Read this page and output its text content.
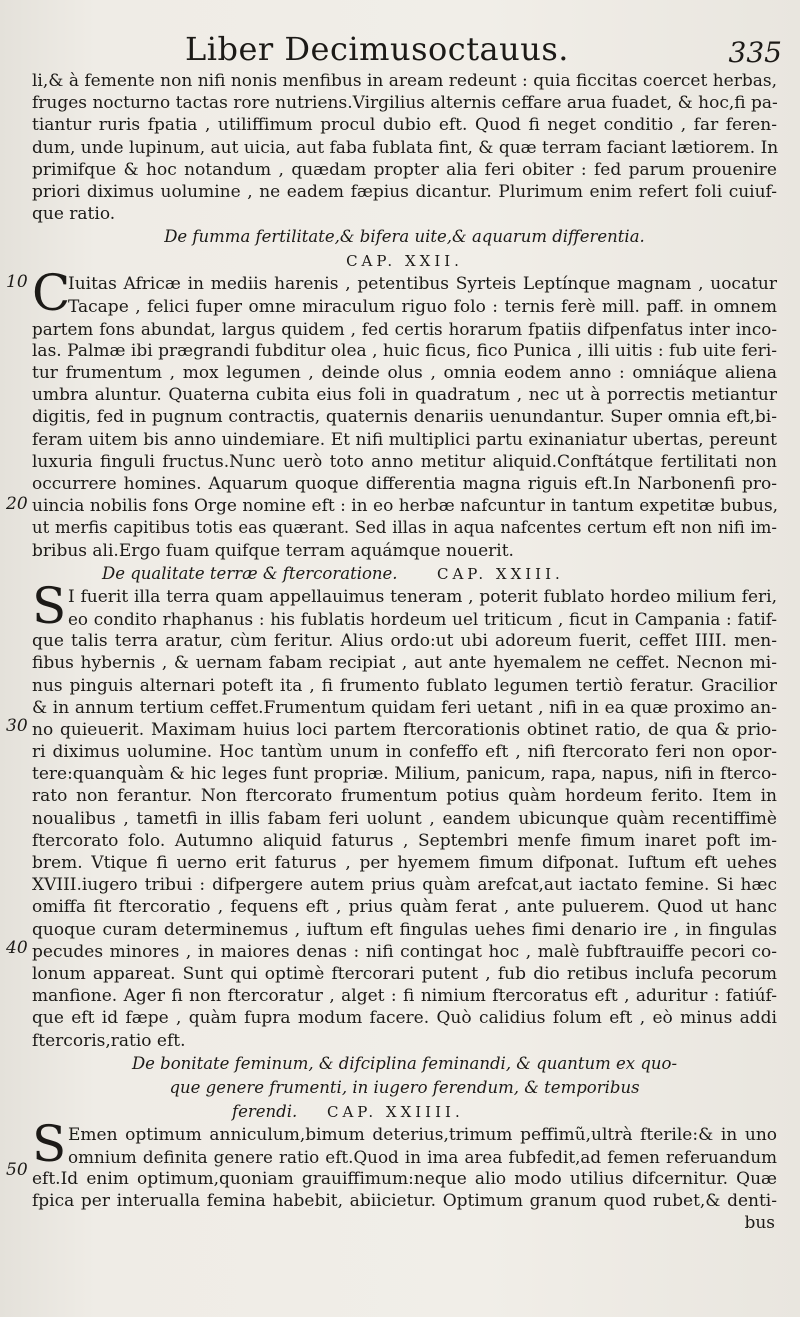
Liber Decimusoctauus.	335
10
20
30
40
50
li,& à femente non nifi nonis menfibus in aream redeunt : quia ficcitas coercet herbas,
fruges nocturno tactas rore nutriens.Virgilius alternis ceffare arua fuadet, & hoc,fi pa-
tiantur ruris fpatia , utiliffimum procul dubio eft. Quod fi neget conditio , far feren-
dum, unde lupinum, aut uicia, aut faba fublata fint, & quæ terram faciant lætiorem. In
primifque & hoc notandum , quædam propter alia feri obiter : fed parum prouenire
priori diximus uolumine , ne eadem fæpius dicantur. Plurimum enim refert foli cuiuf-
que ratio.
De fumma fertilitate,& bifera uite,& aquarum differentia.
CAP. XXII.
C
Iuitas Africæ in mediis harenis , petentibus Syrteis Leptínque magnam , uocatur
Tacape , felici fuper omne miraculum riguo folo : ternis ferè mill. paff. in omnem
partem fons abundat, largus quidem , fed certis horarum fpatiis difpenfatus inter inco-
las. Palmæ ibi prægrandi fubditur olea , huic ficus, fico Punica , illi uitis : fub uite feri-
tur frumentum , mox legumen , deinde olus , omnia eodem anno : omniáque aliena
umbra aluntur. Quaterna cubita eius foli in quadratum , nec ut à porrectis metiantur
digitis, fed in pugnum contractis, quaternis denariis uenundantur. Super omnia eft,bi-
feram uitem bis anno uindemiare. Et nifi multiplici partu exinaniatur ubertas, pereunt
luxuria finguli fructus.Nunc uerò toto anno metitur aliquid.Conftátque fertilitati non
occurrere homines. Aquarum quoque differentia magna riguis eft.In Narbonenfi pro-
uincia nobilis fons Orge nomine eft : in eo herbæ nafcuntur in tantum expetitæ bubus,
ut merfis capitibus totis eas quærant. Sed illas in aqua nafcentes certum eft non nifi im-
bribus ali.Ergo fuam quifque terram aquámque nouerit.
De qualitate terræ & ftercoratione.	CAP. XXIII.
S I fuerit illa terra quam appellauimus teneram , poterit fublato hordeo milium feri,
eo condito rhaphanus : his fublatis hordeum uel triticum , ficut in Campania : fatif-
que talis terra aratur, cùm feritur. Alius ordo:ut ubi adoreum fuerit, ceffet IIII. men-
fibus hybernis , & uernam fabam recipiat , aut ante hyemalem ne ceffet. Necnon mi-
nus pinguis alternari poteft ita , fi frumento fublato legumen tertiò feratur. Gracilior
& in annum tertium ceffet.Frumentum quidam feri uetant , nifi in ea quæ proximo an-
no quieuerit. Maximam huius loci partem ftercorationis obtinet ratio, de qua & prio-
ri diximus uolumine. Hoc tantùm unum in confeffo eft , nifi ftercorato feri non opor-
tere:quanquàm & hic leges funt propriæ. Milium, panicum, rapa, napus, nifi in fterco-
rato non ferantur. Non ftercorato frumentum potius quàm hordeum ferito. Item in
noualibus , tametfi in illis fabam feri uolunt , eandem ubicunque quàm recentiffimè
ftercorato folo. Autumno aliquid faturus , Septembri menfe fimum inaret poft im-
brem. Vtique fi uerno erit faturus , per hyemem fimum difponat. Iuftum eft uehes
XVIII.iugero tribui : difpergere autem prius quàm arefcat,aut iactato femine. Si hæc
omiffa fit ftercoratio , fequens eft , prius quàm ferat , ante puluerem. Quod ut hanc
quoque curam determinemus , iuftum eft fingulas uehes fimi denario ire , in fingulas
pecudes minores , in maiores denas : nifi contingat hoc , malè fubftrauiffe pecori co-
lonum appareat. Sunt qui optimè ftercorari putent , fub dio retibus inclufa pecorum
manfione. Ager fi non ftercoratur , alget : fi nimium ftercoratus eft , aduritur : fatiúf-
que eft id fæpe , quàm fupra modum facere. Quò calidius folum eft , eò minus addi
ftercoris,ratio eft.
De bonitate feminum, & difciplina feminandi, & quantum ex quo-
que genere frumenti, in iugero ferendum, & temporibus
ferendi. CAP. XXIIII.
S Emen optimum anniculum,bimum deterius,trimum peffimũ,ultrà fterile:& in uno
omnium definita genere ratio eft.Quod in ima area fubfedit,ad femen referuandum
eft.Id enim optimum,quoniam grauiffimum:neque alio modo utilius difcernitur. Quæ
fpica per interualla femina habebit, abiicietur. Optimum granum quod rubet,& denti-
bus
